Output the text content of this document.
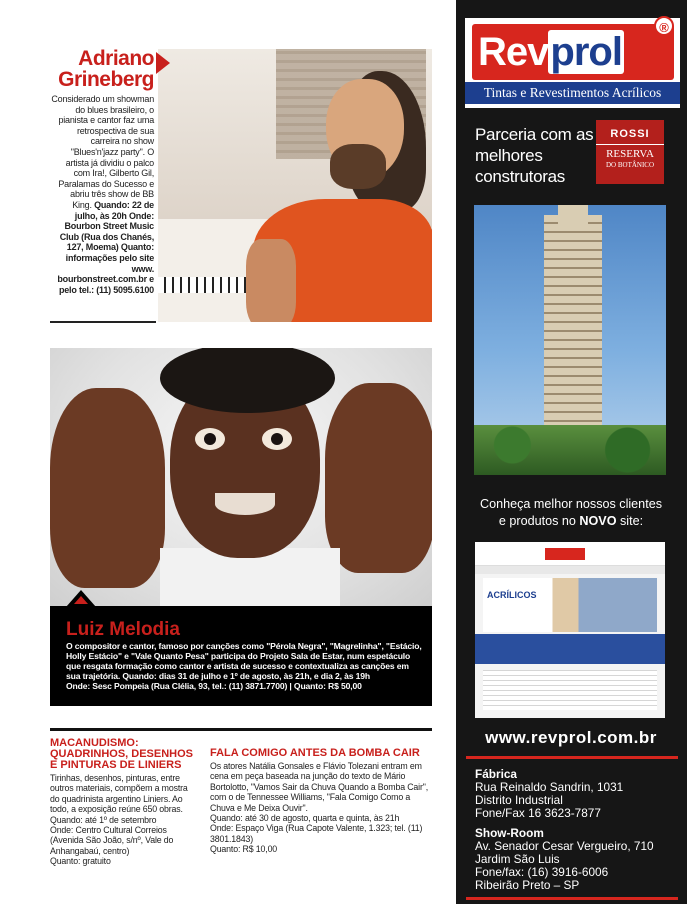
Adriano
Grineberg
Considerado um showman do blues brasileiro, o pianista e cantor faz uma retrospectiva de sua carreira no show "Blues'n'jazz party". O artista já dividiu o palco com Ira!, Gilberto Gil, Paralamas do Sucesso e abriu três show de BB King. Quando: 22 de julho, às 20h Onde: Bourbon Street Music Club (Rua dos Chanés, 127, Moema) Quanto: informações pelo site www. bourbonstreet.com.br e pelo tel.: (11) 5095.6100
Luiz Melodia
O compositor e cantor, famoso por canções como "Pérola Negra", "Magrelinha", "Estácio, Holly Estácio" e "Vale Quanto Pesa" participa do Projeto Sala de Estar, num espetáculo que resgata formação como cantor e artista de sucesso e contextualiza as canções em sua trajetória. Quando: dias 31 de julho e 1º de agosto, às 21h, e dia 2, às 19h
Onde: Sesc Pompeia (Rua Clélia, 93, tel.: (11) 3871.7700) | Quanto: R$ 50,00
MACANUDISMO: QUADRINHOS, DESENHOS E PINTURAS DE LINIERS
Tirinhas, desenhos, pinturas, entre outros materiais, compõem a mostra do quadrinista argentino Liniers. Ao todo, a exposição reúne 650 obras.
Quando: até 1º de setembro
Onde: Centro Cultural Correios (Avenida São João, s/nº, Vale do Anhangabaú, centro)
Quanto: gratuito
FALA COMIGO ANTES DA BOMBA CAIR
Os atores Natália Gonsales e Flávio Tolezani entram em cena em peça baseada na junção do texto de Mário Bortolotto, "Vamos Sair da Chuva Quando a Bomba Cair", com o de Tennessee Williams, "Fala Comigo Como a Chuva e Me Deixa Ouvir".
Quando: até 30 de agosto, quarta e quinta, às 21h
Onde: Espaço Viga (Rua Capote Valente, 1.323; tel. (11) 3801.1843)
Quanto: R$ 10,00
Revprol
®
Tintas e Revestimentos Acrílicos
Parceria com as melhores construtoras
ROSSI
RESERVA
DO BOTÂNICO
Conheça melhor nossos clientes
e produtos no NOVO site:
ACRÍLICOS
www.revprol.com.br
Fábrica
Rua Reinaldo Sandrin, 1031
Distrito Industrial
Fone/Fax 16 3623-7877
Show-Room
Av. Senador Cesar Vergueiro, 710
Jardim São Luis
Fone/fax: (16) 3916-6006
Ribeirão Preto – SP
